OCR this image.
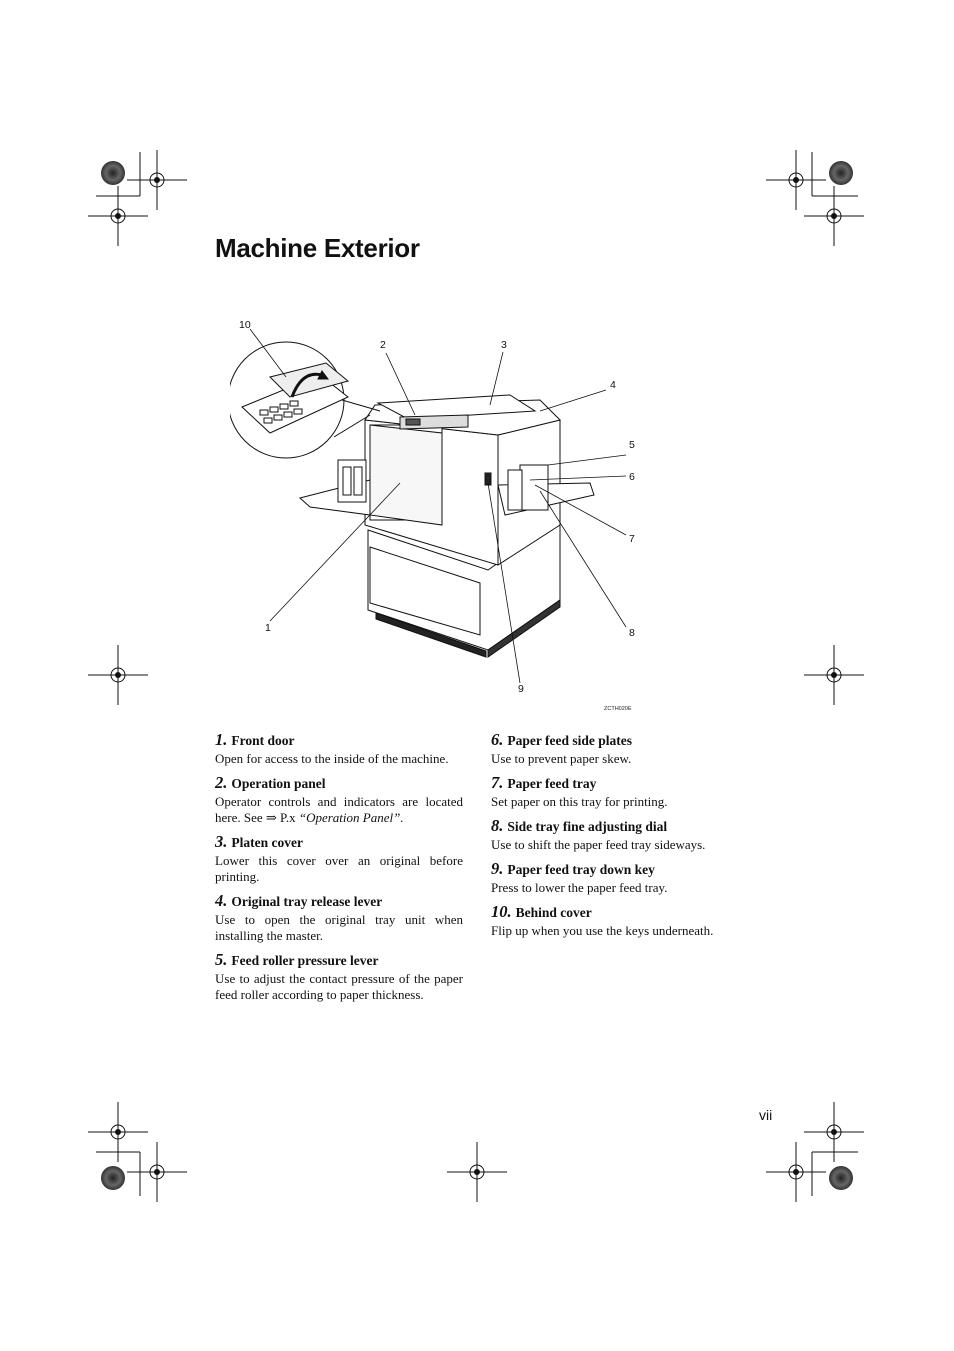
Machine Exterior
1
2	3
4
5
6
7
8
9
10
ZCTH020E

1. Front door

Open for access to the inside of the machine.

2. Operation panel

Operator controls and indicators are located here. See ⇒ P.x “Operation Panel”.

3. Platen cover

Lower this cover over an original before printing.

4. Original tray release lever

Use to open the original tray unit when installing the master.

5. Feed roller pressure lever

Use to adjust the contact pressure of the paper feed roller according to paper thickness.

6. Paper feed side plates

Use to prevent paper skew.

7. Paper feed tray

Set paper on this tray for printing.

8. Side tray fine adjusting dial

Use to shift the paper feed tray sideways.

9. Paper feed tray down key

Press to lower the paper feed tray.

10. Behind cover

Flip up when you use the keys underneath.

vii
